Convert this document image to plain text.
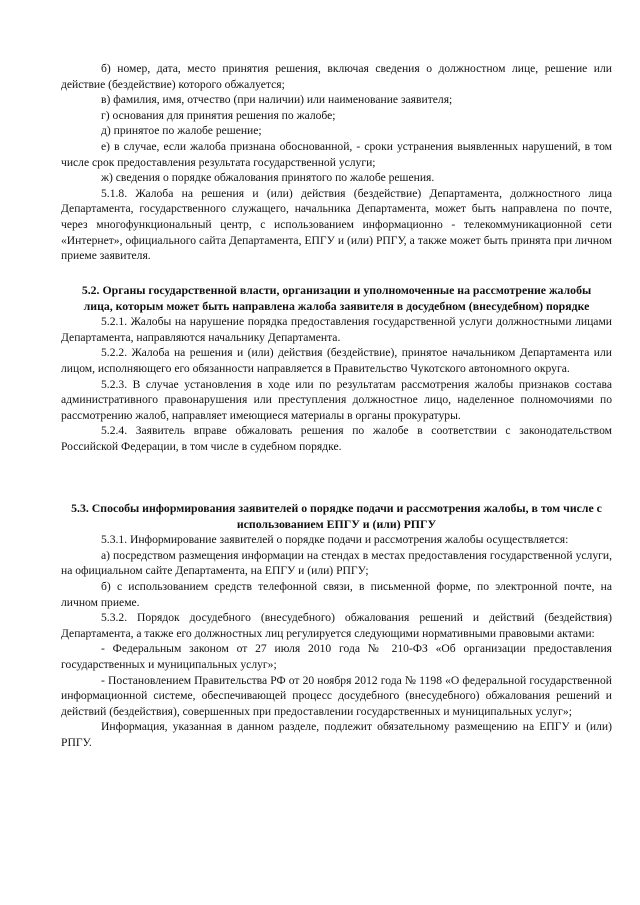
б) номер, дата, место принятия решения, включая сведения о должностном лице, решение или действие (бездействие) которого обжалуется;

в) фамилия, имя, отчество (при наличии) или наименование заявителя;

г) основания для принятия решения по жалобе;

д) принятое по жалобе решение;

е) в случае, если жалоба признана обоснованной, - сроки устранения выявленных нарушений, в том числе срок предоставления результата государственной услуги;

ж) сведения о порядке обжалования принятого по жалобе решения.

5.1.8. Жалоба на решения и (или) действия (бездействие) Департамента, должностного лица Департамента, государственного служащего, начальника Департамента, может быть направлена по почте, через многофункциональный центр, с использованием информационно - телекоммуникационной сети «Интернет», официального сайта Департамента, ЕПГУ и (или) РПГУ, а также может быть принята при личном приеме заявителя.

5.2. Органы государственной власти, организации и уполномоченные на рассмотрение жалобы лица, которым может быть направлена жалоба заявителя в досудебном (внесудебном) порядке

5.2.1. Жалобы на нарушение порядка предоставления государственной услуги должностными лицами Департамента, направляются начальнику Департамента.

5.2.2. Жалоба на решения и (или) действия (бездействие), принятое начальником Департамента или лицом, исполняющего его обязанности направляется в Правительство Чукотского автономного округа.

5.2.3. В случае установления в ходе или по результатам рассмотрения жалобы признаков состава административного правонарушения или преступления должностное лицо, наделенное полномочиями по рассмотрению жалоб, направляет имеющиеся материалы в органы прокуратуры.

5.2.4. Заявитель вправе обжаловать решения по жалобе в соответствии с законодательством Российской Федерации, в том числе в судебном порядке.

5.3. Способы информирования заявителей о порядке подачи и рассмотрения жалобы, в том числе с использованием ЕПГУ и (или) РПГУ

5.3.1. Информирование заявителей о порядке подачи и рассмотрения жалобы осуществляется:

а) посредством размещения информации на стендах в местах предоставления государственной услуги, на официальном сайте Департамента, на ЕПГУ и (или) РПГУ;

б) с использованием средств телефонной связи, в письменной форме, по электронной почте, на личном приеме.

5.3.2. Порядок досудебного (внесудебного) обжалования решений и действий (бездействия) Департамента, а также его должностных лиц регулируется следующими нормативными правовыми актами:

- Федеральным законом от 27 июля 2010 года № 210-ФЗ «Об организации предоставления государственных и муниципальных услуг»;

- Постановлением Правительства РФ от 20 ноября 2012 года № 1198 «О федеральной государственной информационной системе, обеспечивающей процесс досудебного (внесудебного) обжалования решений и действий (бездействия), совершенных при предоставлении государственных и муниципальных услуг»;

Информация, указанная в данном разделе, подлежит обязательному размещению на ЕПГУ и (или) РПГУ.
